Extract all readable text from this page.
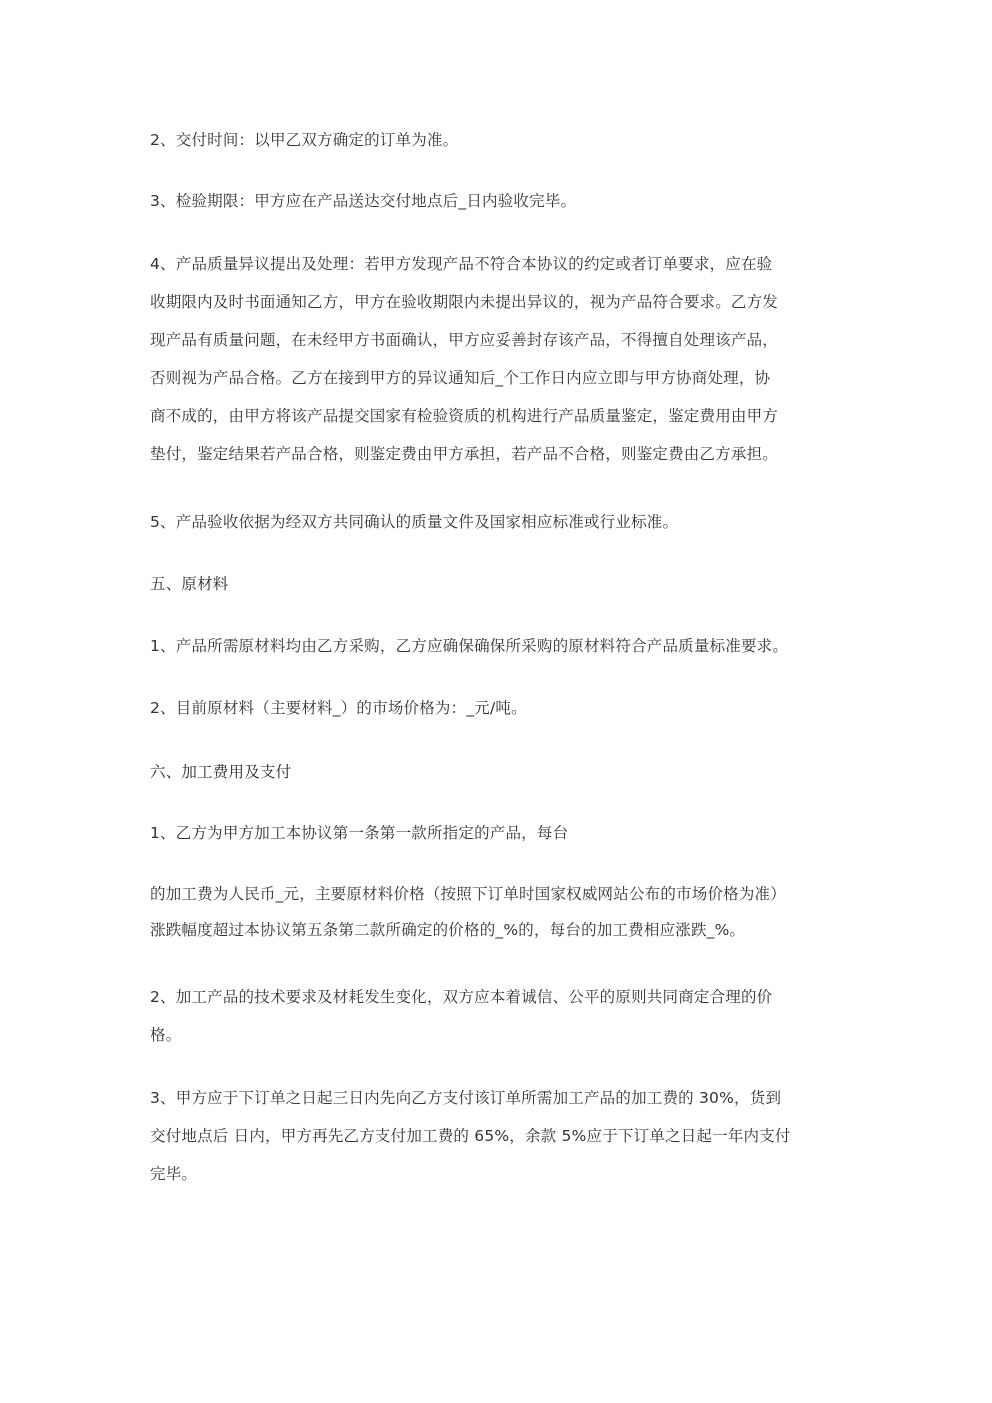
2、交付时间：以甲乙双方确定的订单为准。

3、检验期限：甲方应在产品送达交付地点后_日内验收完毕。

4、产品质量异议提出及处理：若甲方发现产品不符合本协议的约定或者订单要求，应在验
收期限内及时书面通知乙方，甲方在验收期限内未提出异议的，视为产品符合要求。乙方发
现产品有质量问题，在未经甲方书面确认，甲方应妥善封存该产品，不得擅自处理该产品，
否则视为产品合格。乙方在接到甲方的异议通知后_个工作日内应立即与甲方协商处理，协
商不成的，由甲方将该产品提交国家有检验资质的机构进行产品质量鉴定，鉴定费用由甲方
垫付，鉴定结果若产品合格，则鉴定费由甲方承担，若产品不合格，则鉴定费由乙方承担。

5、产品验收依据为经双方共同确认的质量文件及国家相应标准或行业标准。

五、原材料

1、产品所需原材料均由乙方采购，乙方应确保确保所采购的原材料符合产品质量标准要求。

2、目前原材料（主要材料_）的市场价格为：_元/吨。

六、加工费用及支付

1、乙方为甲方加工本协议第一条第一款所指定的产品，每台

的加工费为人民币_元，主要原材料价格（按照下订单时国家权威网站公布的市场价格为准）
涨跌幅度超过本协议第五条第二款所确定的价格的_%的，每台的加工费相应涨跌_%。

2、加工产品的技术要求及材耗发生变化，双方应本着诚信、公平的原则共同商定合理的价
格。

3、甲方应于下订单之日起三日内先向乙方支付该订单所需加工产品的加工费的 30%，货到
交付地点后 日内，甲方再先乙方支付加工费的 65%，余款 5%应于下订单之日起一年内支付
完毕。
